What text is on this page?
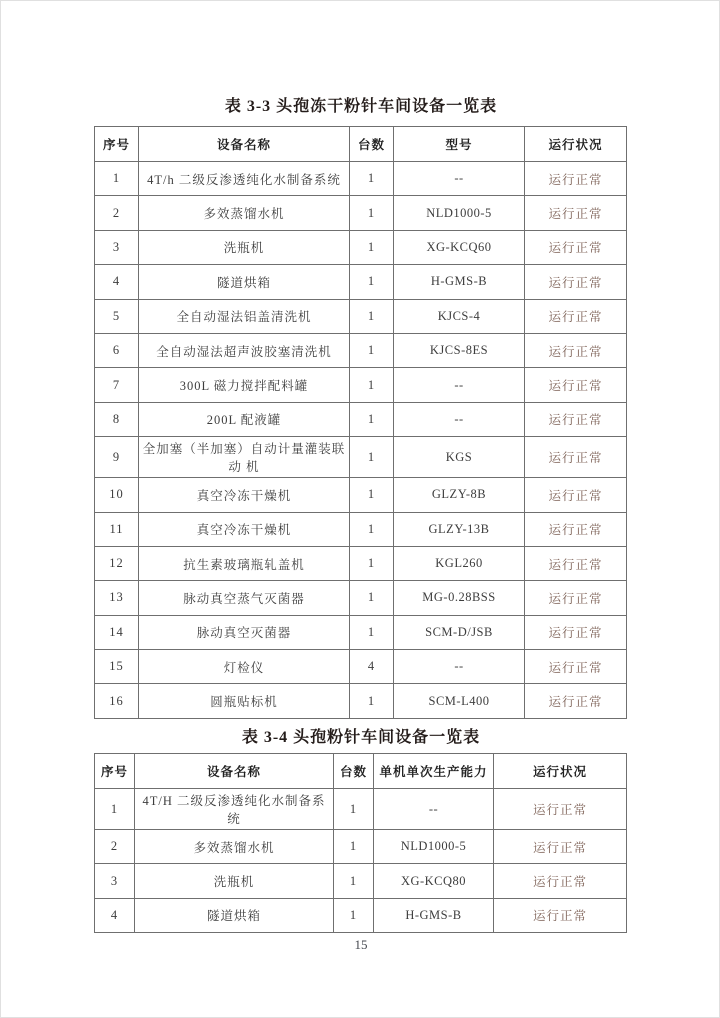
表 3-3 头孢冻干粉针车间设备一览表
序号	设备名称	台数	型号	运行状况
1	4T/h 二级反渗透纯化水制备系统	1	--	运行正常
2	多效蒸馏水机	1	NLD1000-5	运行正常
3	洗瓶机	1	XG-KCQ60	运行正常
4	隧道烘箱	1	H-GMS-B	运行正常
5	全自动湿法铝盖清洗机	1	KJCS-4	运行正常
6	全自动湿法超声波胶塞清洗机	1	KJCS-8ES	运行正常
7	300L 磁力搅拌配料罐	1	--	运行正常
8	200L 配液罐	1	--	运行正常
9	全加塞（半加塞）自动计量灌装联动 机	1	KGS	运行正常
10	真空冷冻干燥机	1	GLZY-8B	运行正常
11	真空冷冻干燥机	1	GLZY-13B	运行正常
12	抗生素玻璃瓶轧盖机	1	KGL260	运行正常
13	脉动真空蒸气灭菌器	1	MG-0.28BSS	运行正常
14	脉动真空灭菌器	1	SCM-D/JSB	运行正常
15	灯检仪	4	--	运行正常
16	圆瓶贴标机	1	SCM-L400	运行正常
表 3-4 头孢粉针车间设备一览表
序号	设备名称	台数	单机单次生产能力	运行状况
1	4T/H 二级反渗透纯化水制备系统	1	--	运行正常
2	多效蒸馏水机	1	NLD1000-5	运行正常
3	洗瓶机	1	XG-KCQ80	运行正常
4	隧道烘箱	1	H-GMS-B	运行正常
15
